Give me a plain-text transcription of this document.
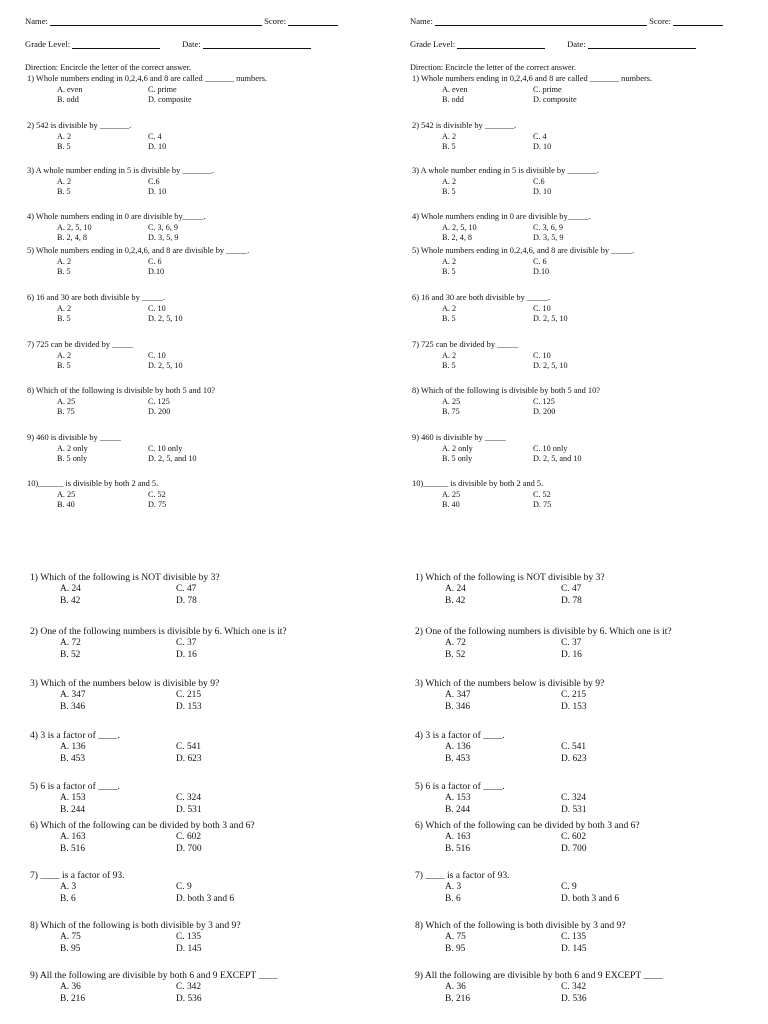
Name:	Score:
Grade Level:	Date:
Direction: Encircle the letter of the correct answer.
1) Whole numbers ending in 0,2,4,6 and 8 are called _______ numbers.
A. even
B. odd
C. prime
D. composite
2) 542 is divisible by _______.
A. 2
B. 5
C. 4
D. 10
3) A whole number ending in 5 is divisible by _______.
A. 2
B. 5
C.6
D. 10
4) Whole numbers ending in 0 are divisible by_____.
A. 2, 5, 10
B. 2, 4, 8
C. 3, 6, 9
D. 3, 5, 9
5) Whole numbers ending in 0,2,4,6, and 8 are divisible by _____.
A. 2
B. 5
C. 6
D.10
6) 16 and 30 are both divisible by _____.
A. 2
B. 5
C. 10
D. 2, 5, 10
7) 725 can be divided by _____
A. 2
B. 5
C. 10
D. 2, 5, 10
8) Which of the following is divisible by both 5 and 10?
A. 25
B. 75
C. 125
D. 200
9) 460 is divisible by _____
A. 2 only
B. 5 only
C. 10 only
D. 2, 5, and 10
10)______ is divisible by both 2 and 5.
A. 25
B. 40
C. 52
D. 75
1) Which of the following is NOT divisible by 3?
A. 24
B. 42
C. 47
D. 78
2) One of the following numbers is divisible by 6. Which one is it?
A. 72
B. 52
C. 37
D. 16
3) Which of the numbers below is divisible by 9?
A. 347
B. 346
C. 215
D. 153
4) 3 is a factor of ____.
A. 136
B. 453
C. 541
D. 623
5) 6 is a factor of ____.
A. 153
B. 244
C. 324
D. 531
6) Which of the following can be divided by both 3 and 6?
A. 163
B. 516
C. 602
D. 700
7) ____ is a factor of 93.
A. 3
B. 6
C. 9
D. both 3 and 6
8) Which of the following is both divisible by 3 and 9?
A. 75
B. 95
C. 135
D. 145
9) All the following are divisible by both 6 and 9 EXCEPT ____
A. 36
B. 216
C. 342
D. 536
Name:	Score:
Grade Level:	Date:
Direction: Encircle the letter of the correct answer.
1) Whole numbers ending in 0,2,4,6 and 8 are called _______ numbers.
A. even
B. odd
C. prime
D. composite
2) 542 is divisible by _______.
A. 2
B. 5
C. 4
D. 10
3) A whole number ending in 5 is divisible by _______.
A. 2
B. 5
C.6
D. 10
4) Whole numbers ending in 0 are divisible by_____.
A. 2, 5, 10
B. 2, 4, 8
C. 3, 6, 9
D. 3, 5, 9
5) Whole numbers ending in 0,2,4,6, and 8 are divisible by _____.
A. 2
B. 5
C. 6
D.10
6) 16 and 30 are both divisible by _____.
A. 2
B. 5
C. 10
D. 2, 5, 10
7) 725 can be divided by _____
A. 2
B. 5
C. 10
D. 2, 5, 10
8) Which of the following is divisible by both 5 and 10?
A. 25
B. 75
C. 125
D. 200
9) 460 is divisible by _____
A. 2 only
B. 5 only
C. 10 only
D. 2, 5, and 10
10)______ is divisible by both 2 and 5.
A. 25
B. 40
C. 52
D. 75
1) Which of the following is NOT divisible by 3?
A. 24
B. 42
C. 47
D. 78
2) One of the following numbers is divisible by 6. Which one is it?
A. 72
B. 52
C. 37
D. 16
3) Which of the numbers below is divisible by 9?
A. 347
B. 346
C. 215
D. 153
4) 3 is a factor of ____.
A. 136
B. 453
C. 541
D. 623
5) 6 is a factor of ____.
A. 153
B. 244
C. 324
D. 531
6) Which of the following can be divided by both 3 and 6?
A. 163
B. 516
C. 602
D. 700
7) ____ is a factor of 93.
A. 3
B. 6
C. 9
D. both 3 and 6
8) Which of the following is both divisible by 3 and 9?
A. 75
B. 95
C. 135
D. 145
9) All the following are divisible by both 6 and 9 EXCEPT ____
A. 36
B. 216
C. 342
D. 536
